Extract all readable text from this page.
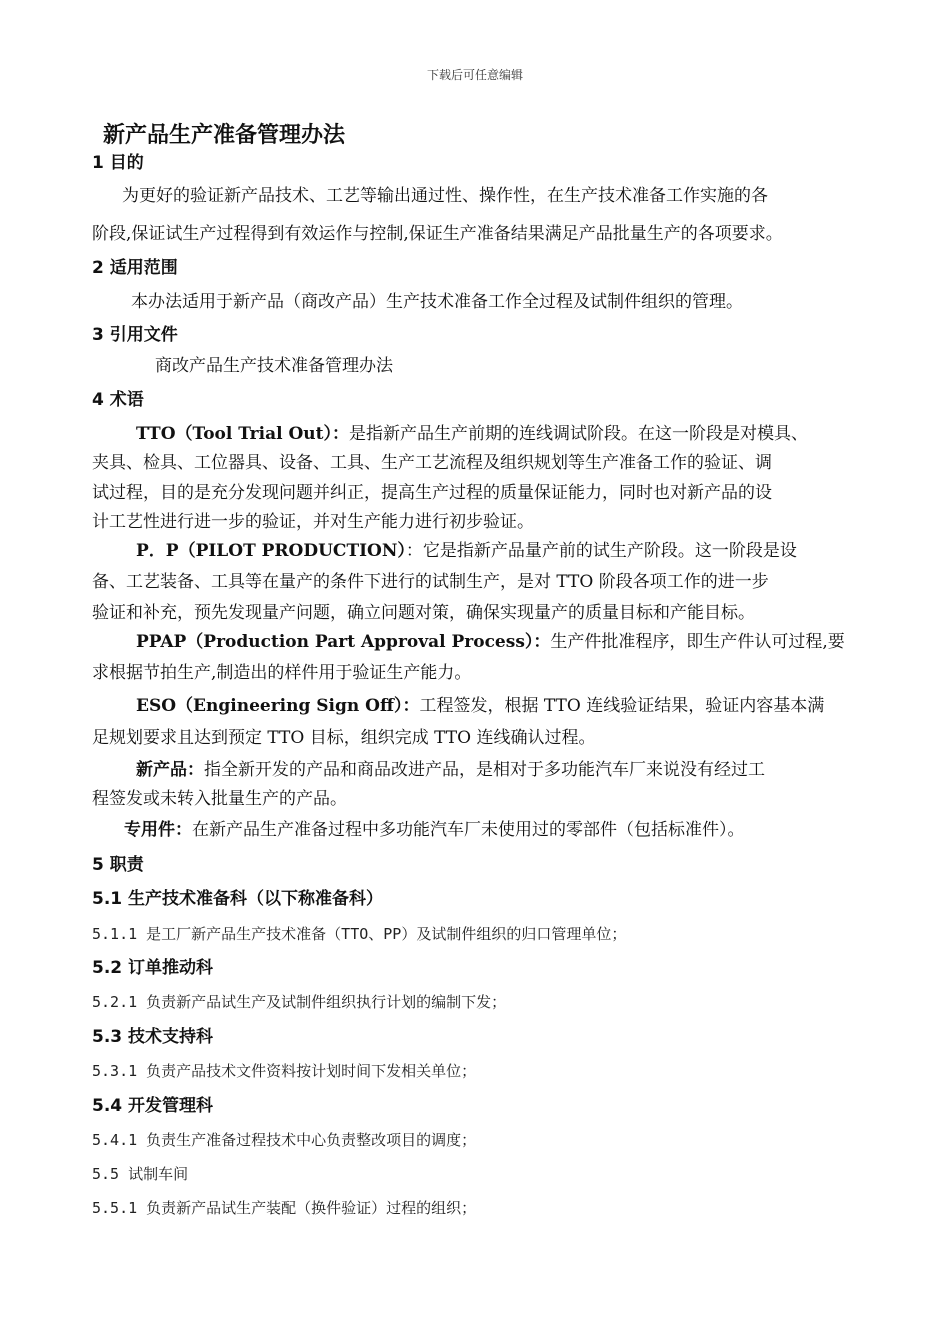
下载后可任意编辑
新产品生产准备管理办法
1 目的
为更好的验证新产品技术、工艺等输出通过性、操作性，在生产技术准备工作实施的各
阶段,保证试生产过程得到有效运作与控制,保证生产准备结果满足产品批量生产的各项要求。
2 适用范围
本办法适用于新产品（商改产品）生产技术准备工作全过程及试制件组织的管理。
3 引用文件
商改产品生产技术准备管理办法
4 术语
TTO（Tool Trial Out）：是指新产品生产前期的连线调试阶段。在这一阶段是对模具、
夹具、检具、工位器具、设备、工具、生产工艺流程及组织规划等生产准备工作的验证、调
试过程，目的是充分发现问题并纠正，提高生产过程的质量保证能力，同时也对新产品的设
计工艺性进行进一步的验证，并对生产能力进行初步验证。
P．P（PILOT PRODUCTION）：它是指新产品量产前的试生产阶段。这一阶段是设
备、工艺装备、工具等在量产的条件下进行的试制生产，是对 TTO 阶段各项工作的进一步
验证和补充，预先发现量产问题，确立问题对策，确保实现量产的质量目标和产能目标。
PPAP（Production Part Approval Process）：生产件批准程序，即生产件认可过程,要
求根据节拍生产,制造出的样件用于验证生产能力。
ESO（Engineering Sign Off）：工程签发，根据 TTO 连线验证结果，验证内容基本满
足规划要求且达到预定 TTO 目标，组织完成 TTO 连线确认过程。
新产品：指全新开发的产品和商品改进产品，是相对于多功能汽车厂来说没有经过工
程签发或未转入批量生产的产品。
专用件：在新产品生产准备过程中多功能汽车厂未使用过的零部件（包括标准件）。
5 职责
5.1 生产技术准备科（以下称准备科）
5.1.1 是工厂新产品生产技术准备（TTO、PP）及试制件组织的归口管理单位；
5.2 订单推动科
5.2.1 负责新产品试生产及试制件组织执行计划的编制下发；
5.3 技术支持科
5.3.1 负责产品技术文件资料按计划时间下发相关单位；
5.4 开发管理科
5.4.1 负责生产准备过程技术中心负责整改项目的调度；
5.5 试制车间
5.5.1 负责新产品试生产装配（换件验证）过程的组织；
